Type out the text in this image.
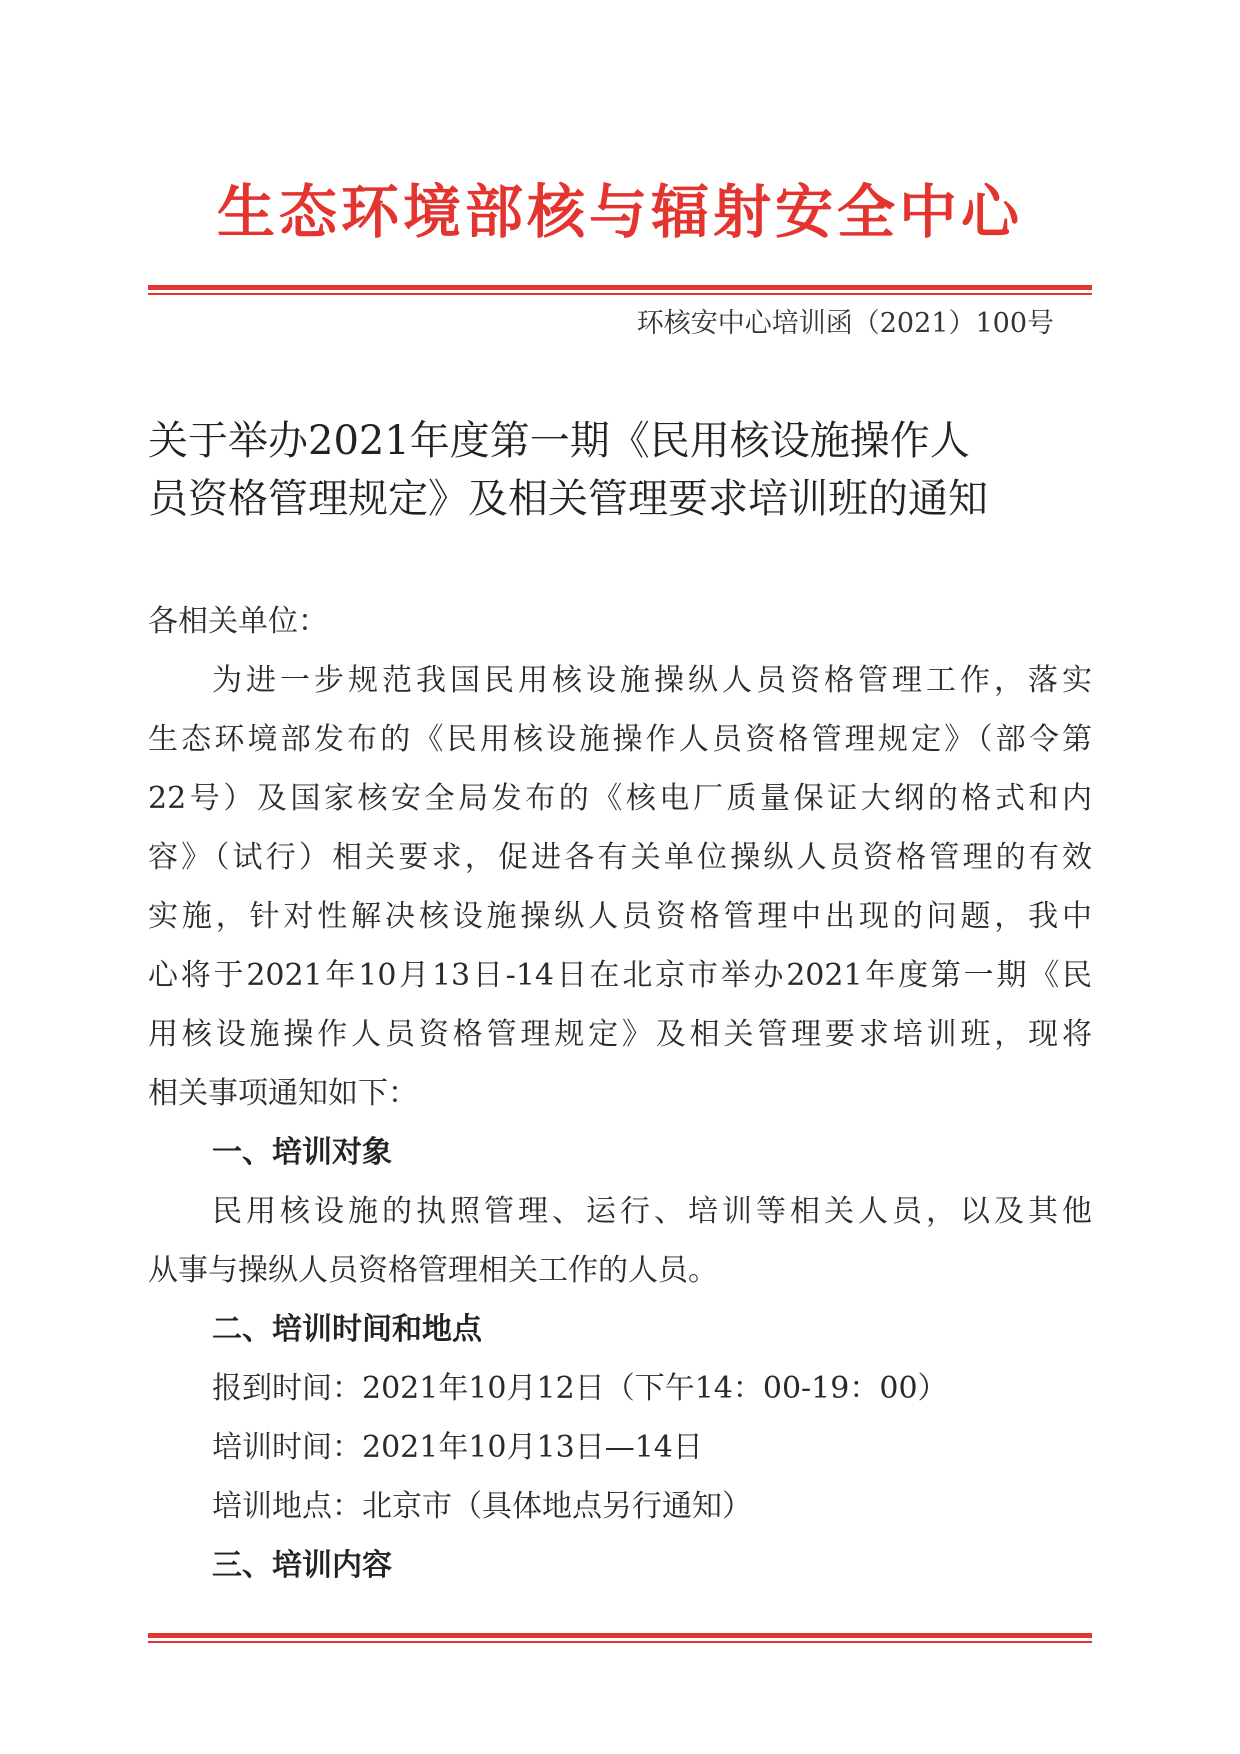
生态环境部核与辐射安全中心
环核安中心培训函（2021）100号
关于举办2021年度第一期《民用核设施操作人
员资格管理规定》及相关管理要求培训班的通知
各相关单位：
为进一步规范我国民用核设施操纵人员资格管理工作，落实
生态环境部发布的《民用核设施操作人员资格管理规定》（部令第
22号）及国家核安全局发布的《核电厂质量保证大纲的格式和内
容》（试行）相关要求，促进各有关单位操纵人员资格管理的有效
实施，针对性解决核设施操纵人员资格管理中出现的问题，我中
心将于2021年10月13日-14日在北京市举办2021年度第一期《民
用核设施操作人员资格管理规定》及相关管理要求培训班，现将
相关事项通知如下：
一、培训对象
民用核设施的执照管理、运行、培训等相关人员，以及其他
从事与操纵人员资格管理相关工作的人员。
二、培训时间和地点
报到时间：2021年10月12日（下午14：00-19：00）
培训时间：2021年10月13日—14日
培训地点：北京市（具体地点另行通知）
三、培训内容
